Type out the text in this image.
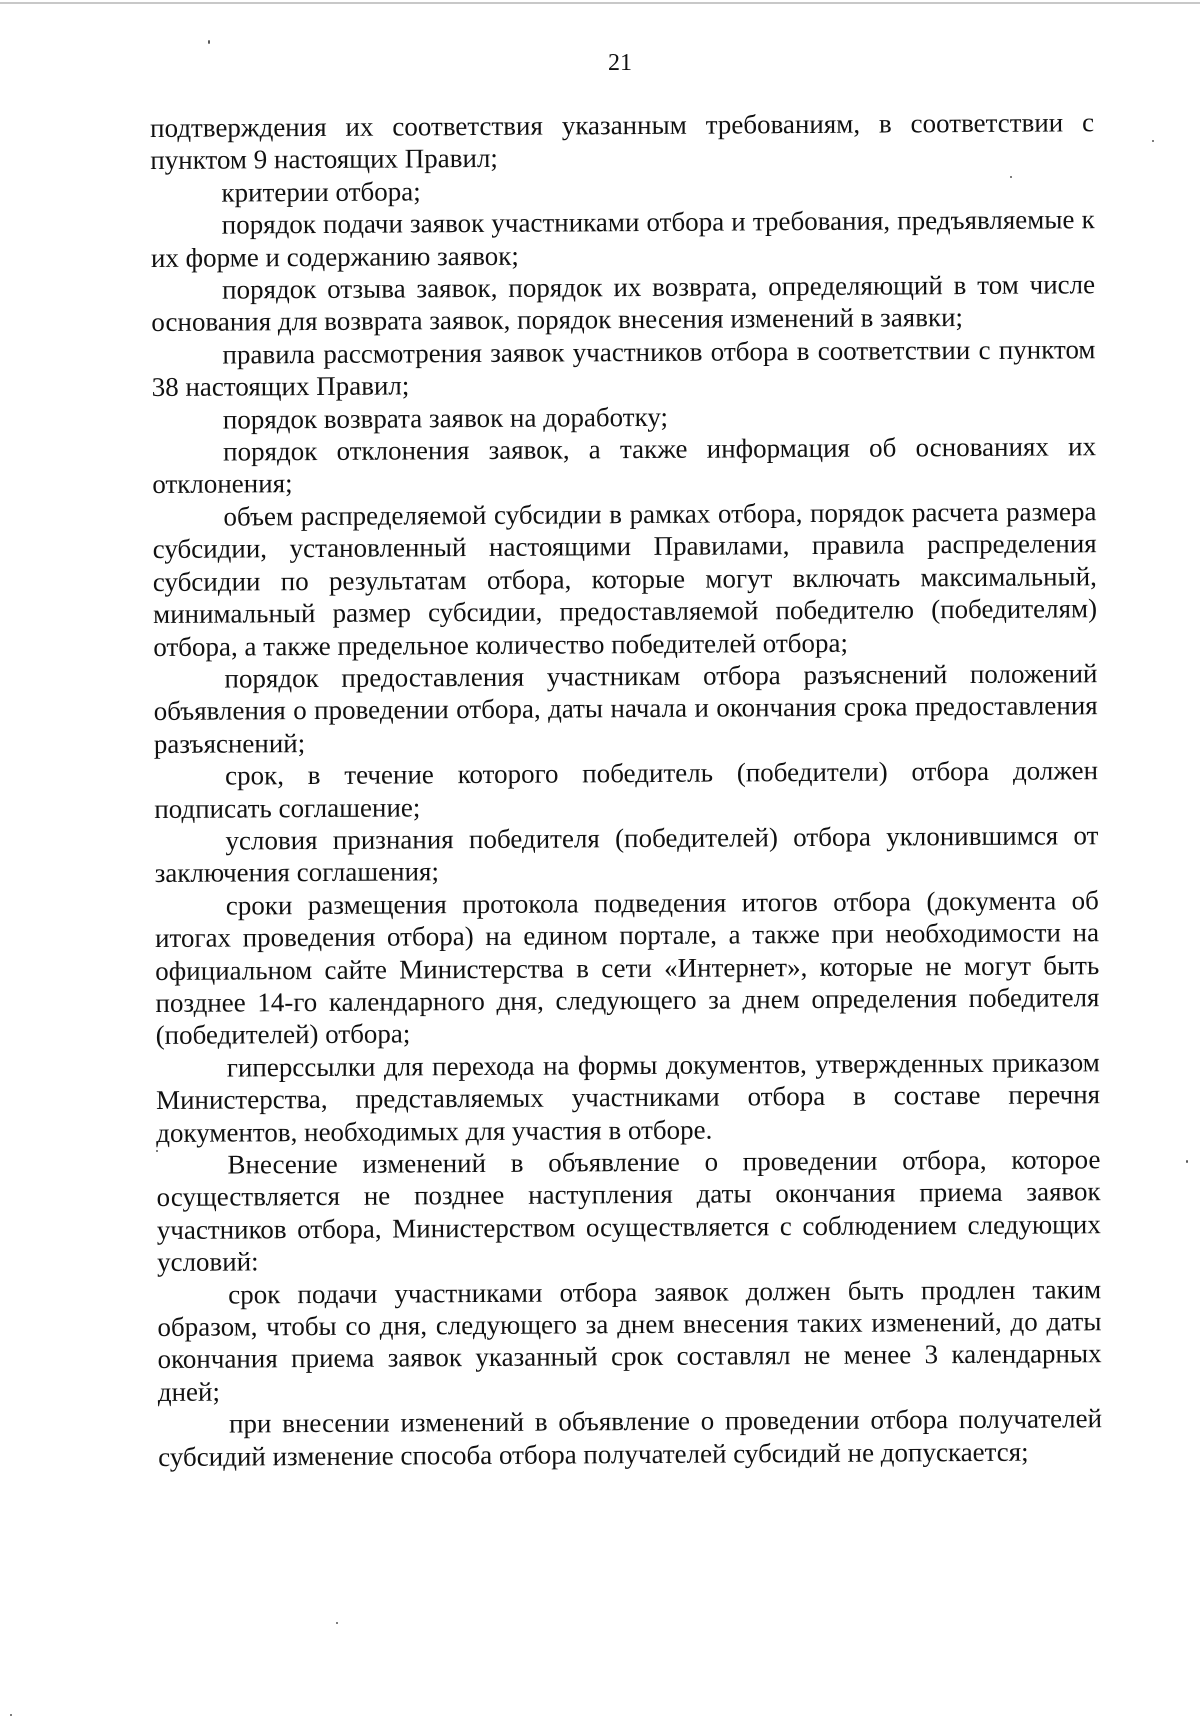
21

подтверждения их соответствия указанным требованиям, в соответствии с пунктом 9 настоящих Правил;

критерии отбора;

порядок подачи заявок участниками отбора и требования, предъявляемые к их форме и содержанию заявок;

порядок отзыва заявок, порядок их возврата, определяющий в том числе основания для возврата заявок, порядок внесения изменений в заявки;

правила рассмотрения заявок участников отбора в соответствии с пунктом 38 настоящих Правил;

порядок возврата заявок на доработку;

порядок отклонения заявок, а также информация об основаниях их отклонения;

объем распределяемой субсидии в рамках отбора, порядок расчета размера субсидии, установленный настоящими Правилами, правила распределения субсидии по результатам отбора, которые могут включать максимальный, минимальный размер субсидии, предоставляемой победителю (победителям) отбора, а также предельное количество победителей отбора;

порядок предоставления участникам отбора разъяснений положений объявления о проведении отбора, даты начала и окончания срока предоставления разъяснений;

срок, в течение которого победитель (победители) отбора должен подписать соглашение;

условия признания победителя (победителей) отбора уклонившимся от заключения соглашения;

сроки размещения протокола подведения итогов отбора (документа об итогах проведения отбора) на едином портале, а также при необходимости на официальном сайте Министерства в сети «Интернет», которые не могут быть позднее 14-го календарного дня, следующего за днем определения победителя (победителей) отбора;

гиперссылки для перехода на формы документов, утвержденных приказом Министерства, представляемых участниками отбора в составе перечня документов, необходимых для участия в отборе.

Внесение изменений в объявление о проведении отбора, которое осуществляется не позднее наступления даты окончания приема заявок участников отбора, Министерством осуществляется с соблюдением следующих условий:

срок подачи участниками отбора заявок должен быть продлен таким образом, чтобы со дня, следующего за днем внесения таких изменений, до даты окончания приема заявок указанный срок составлял не менее 3 календарных дней;

при внесении изменений в объявление о проведении отбора получателей субсидий изменение способа отбора получателей субсидий не допускается;
